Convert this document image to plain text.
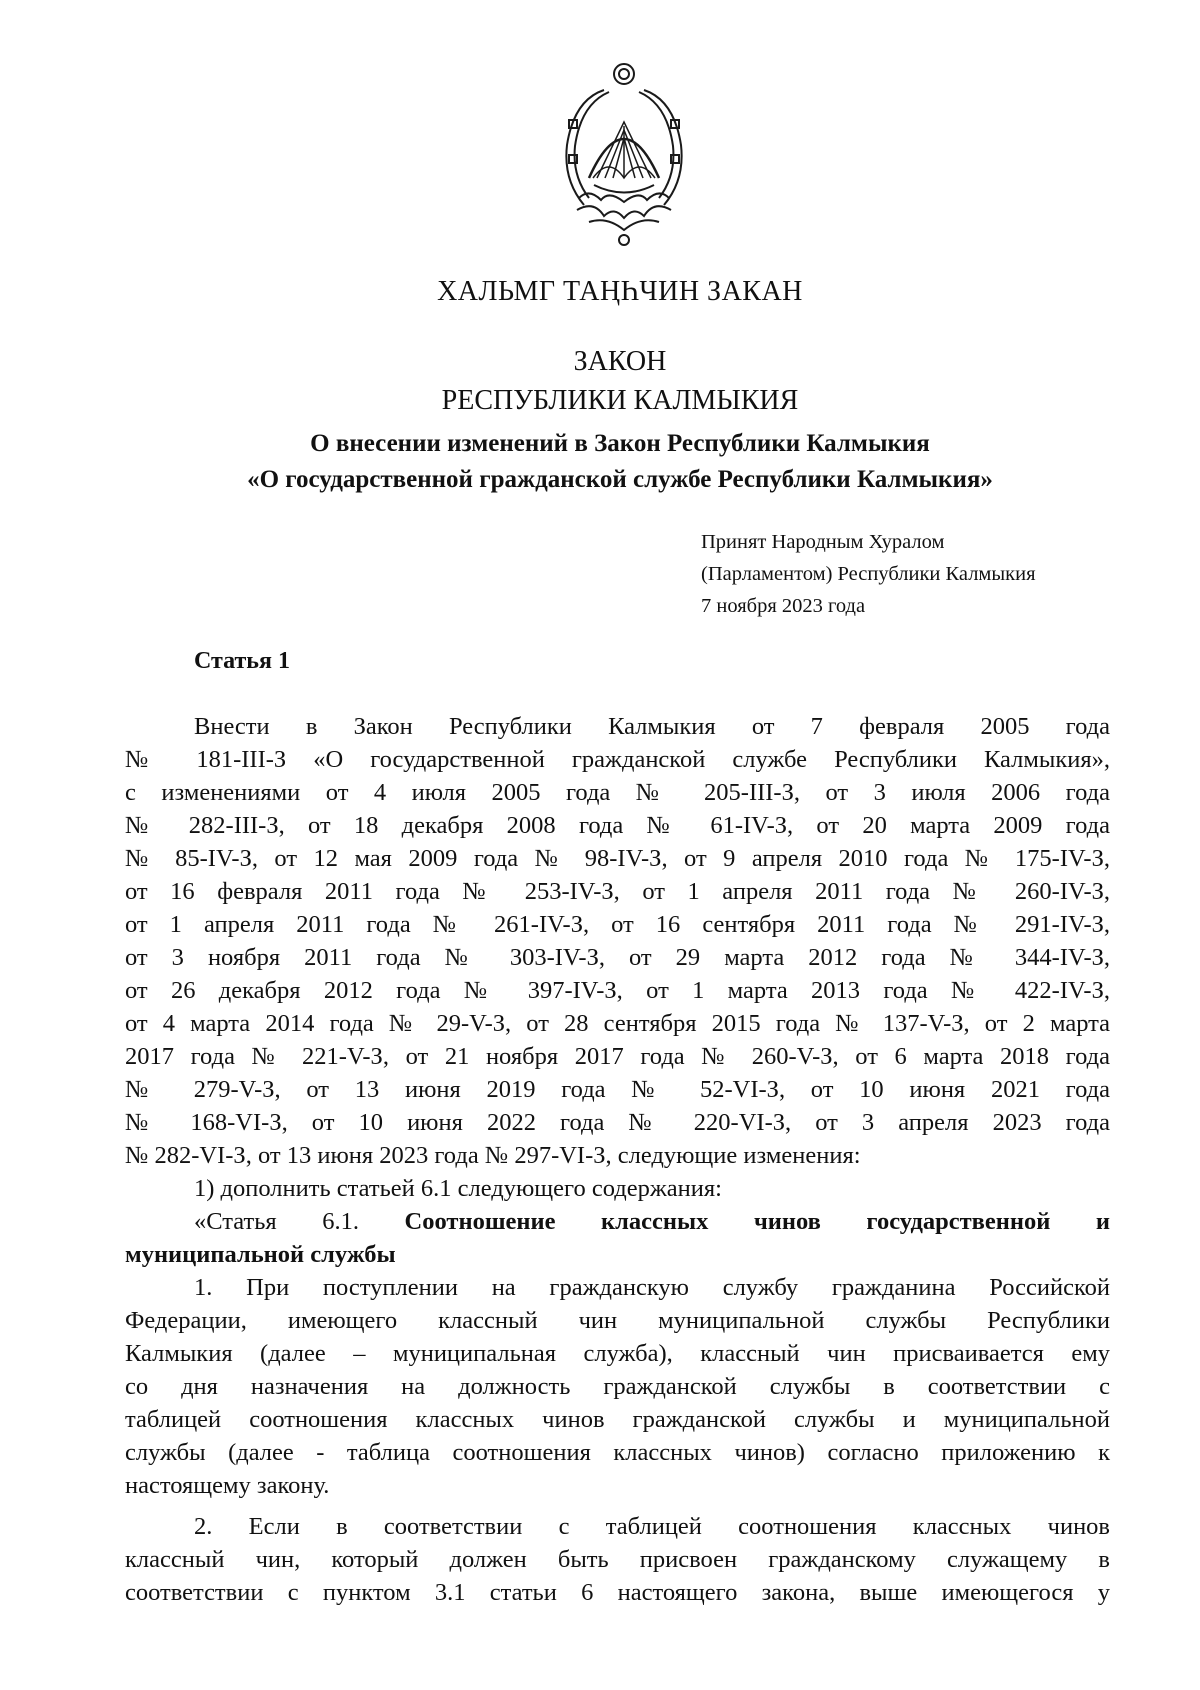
ХАЛЬМГ ТАҢҺЧИН ЗАКАН
ЗАКОН
РЕСПУБЛИКИ КАЛМЫКИЯ
О внесении изменений в Закон Республики Калмыкия
«О государственной гражданской службе Республики Калмыкия»
Принят Народным Хуралом
(Парламентом) Республики Калмыкия
7 ноября 2023 года
Статья 1

Внести в Закон Республики Калмыкия от 7 февраля 2005 года

№ 181-III-З «О государственной гражданской службе Республики Калмыкия»,

с изменениями от 4 июля 2005 года № 205-III-З, от 3 июля 2006 года

№ 282-III-З, от 18 декабря 2008 года № 61-IV-З, от 20 марта 2009 года

№ 85-IV-З, от 12 мая 2009 года № 98-IV-З, от 9 апреля 2010 года № 175-IV-З,

от 16 февраля 2011 года № 253-IV-З, от 1 апреля 2011 года № 260-IV-З,

от 1 апреля 2011 года № 261-IV-З, от 16 сентября 2011 года № 291-IV-З,

от 3 ноября 2011 года № 303-IV-З, от 29 марта 2012 года № 344-IV-З,

от 26 декабря 2012 года № 397-IV-З, от 1 марта 2013 года № 422-IV-З,

от 4 марта 2014 года № 29-V-З, от 28 сентября 2015 года № 137-V-З, от 2 марта

2017 года № 221-V-З, от 21 ноября 2017 года № 260-V-З, от 6 марта 2018 года

№ 279-V-З, от 13 июня 2019 года № 52-VI-З, от 10 июня 2021 года

№ 168-VI-З, от 10 июня 2022 года № 220-VI-З, от 3 апреля 2023 года

№ 282-VI-З, от 13 июня 2023 года № 297-VI-З, следующие изменения:

1) дополнить статьей 6.1 следующего содержания:

«Статья 6.1. Соотношение классных чинов государственной и

муниципальной службы

1. При поступлении на гражданскую службу гражданина Российской

Федерации, имеющего классный чин муниципальной службы Республики

Калмыкия (далее – муниципальная служба), классный чин присваивается ему

со дня назначения на должность гражданской службы в соответствии с

таблицей соотношения классных чинов гражданской службы и муниципальной

службы (далее - таблица соотношения классных чинов) согласно приложению к

настоящему закону.

2. Если в соответствии с таблицей соотношения классных чинов

классный чин, который должен быть присвоен гражданскому служащему в

соответствии с пунктом 3.1 статьи 6 настоящего закона, выше имеющегося у
